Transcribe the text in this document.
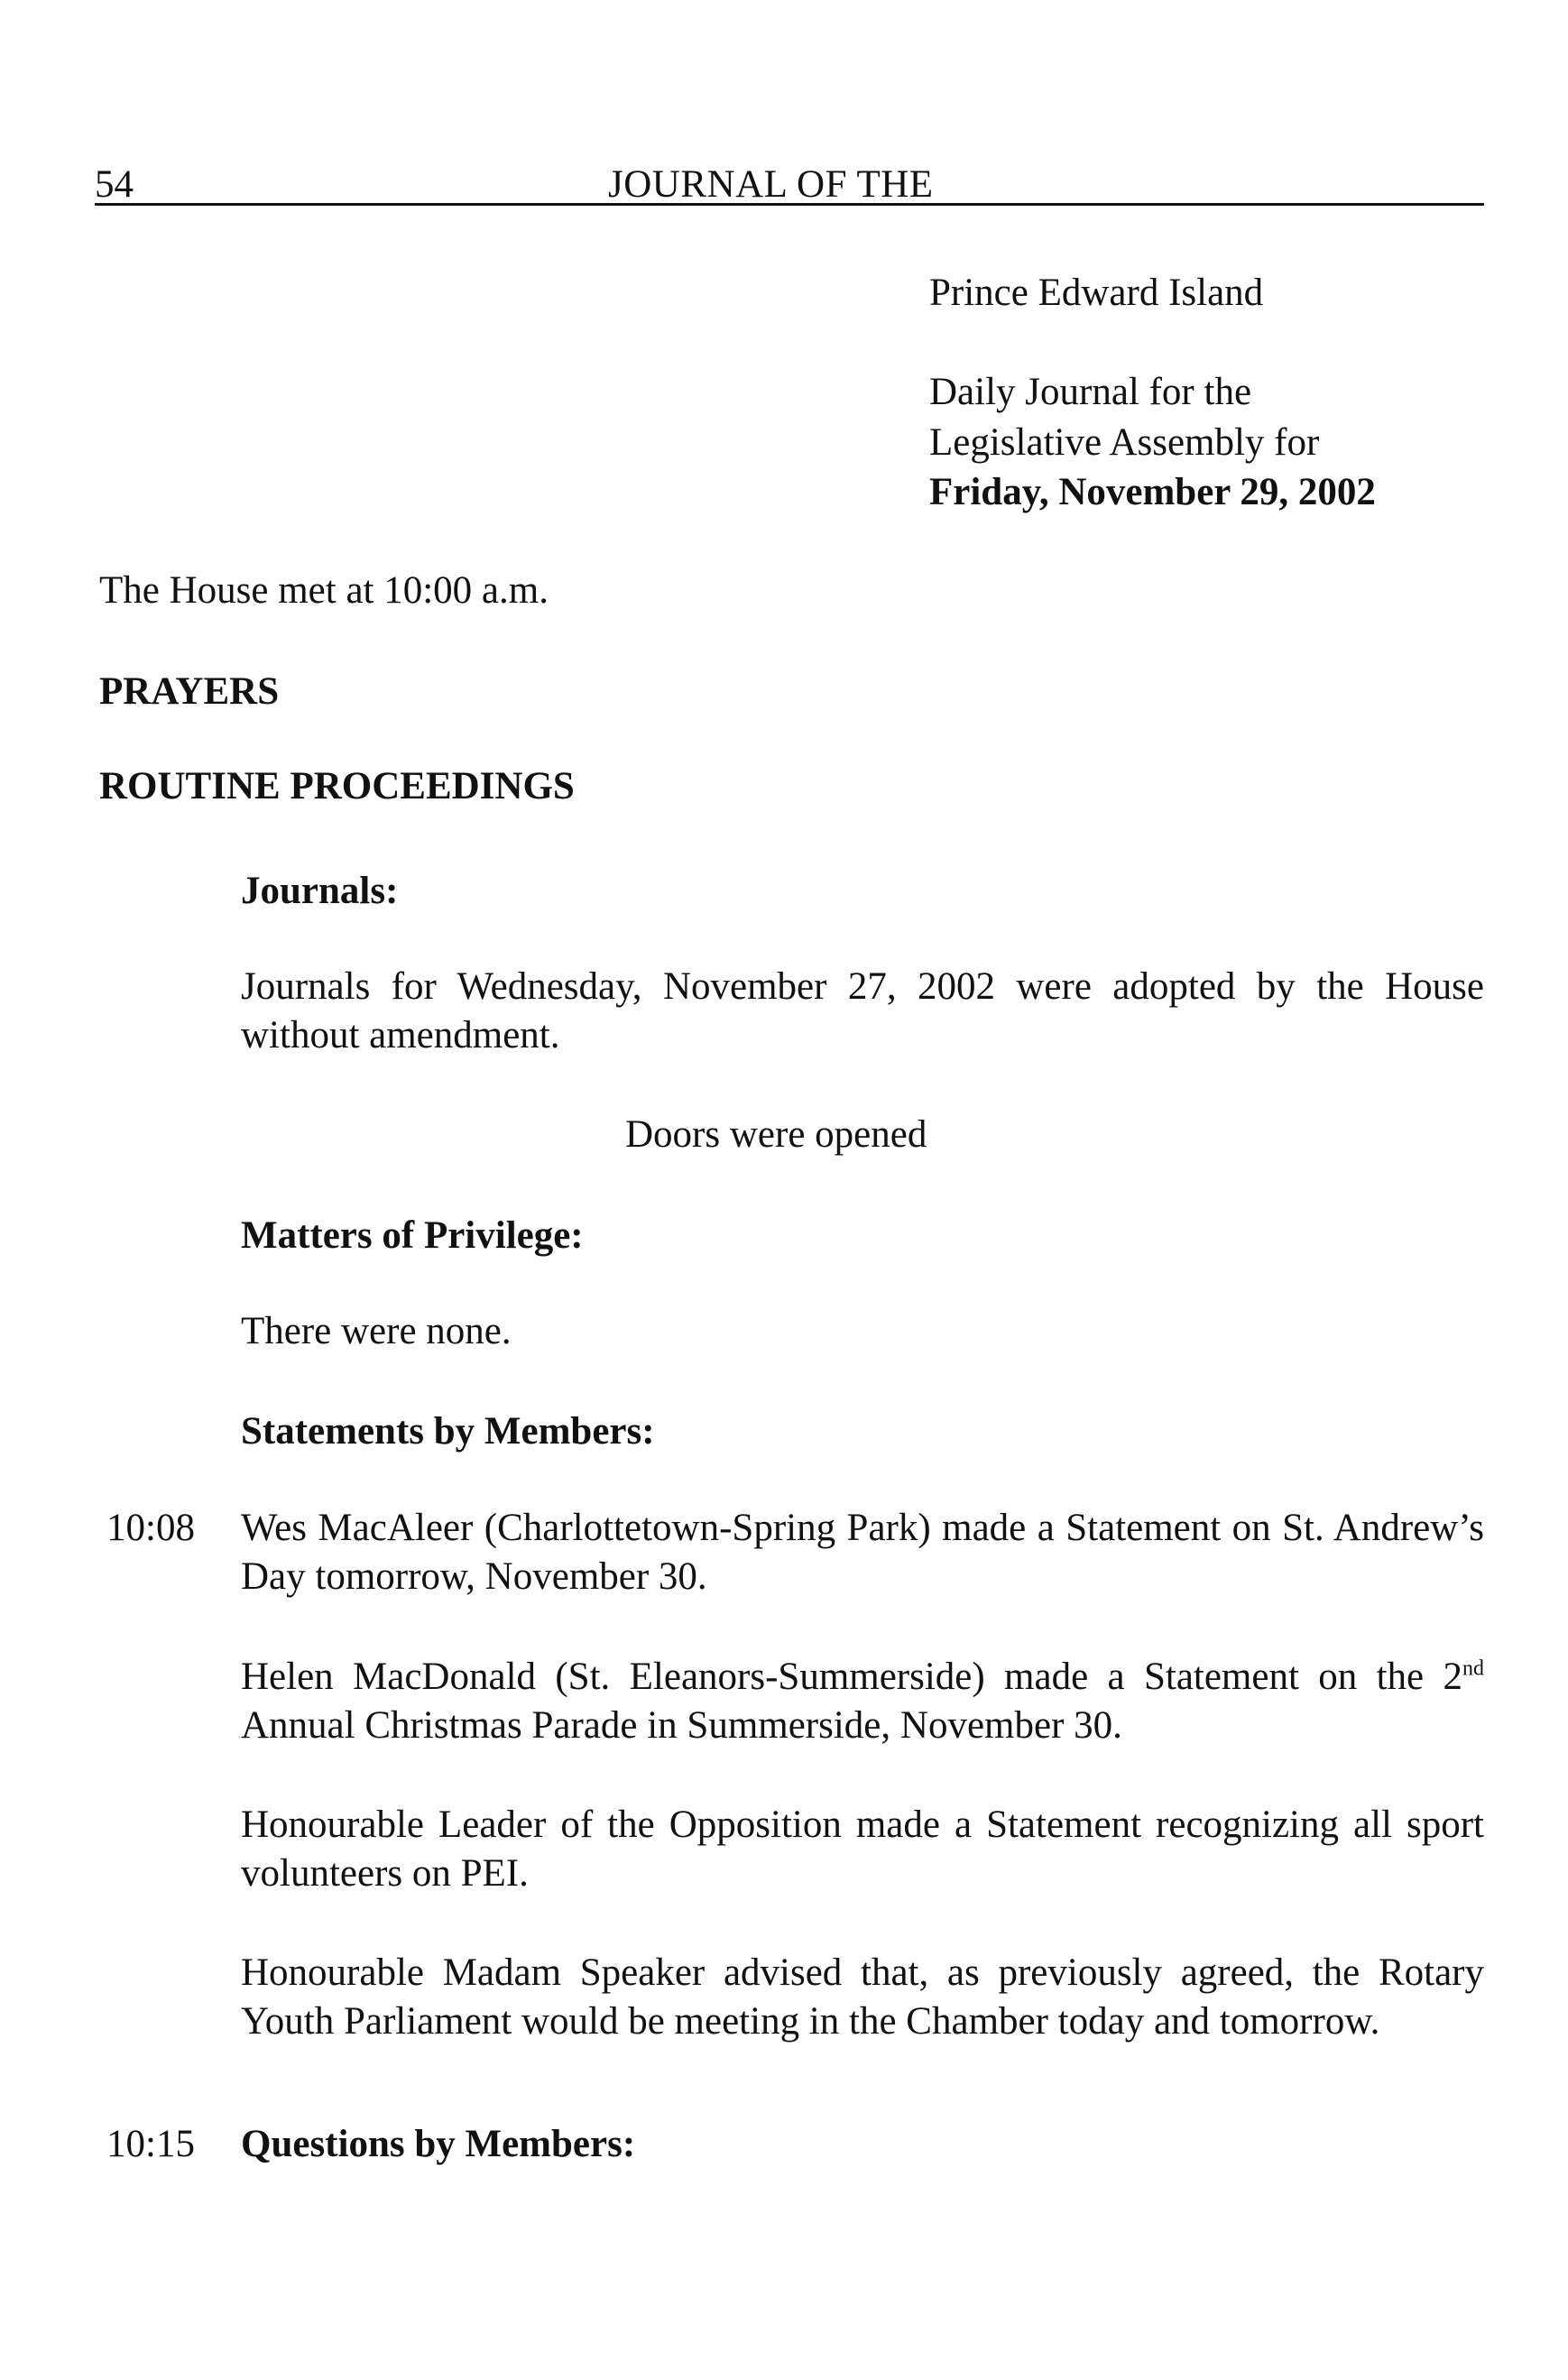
54	JOURNAL OF THE
Prince Edward Island
Daily Journal for the
Legislative Assembly for
Friday, November 29, 2002
The House met at 10:00 a.m.
PRAYERS
ROUTINE PROCEEDINGS
Journals:
Journals for Wednesday, November 27, 2002 were adopted by the House without amendment.
Doors were opened
Matters of Privilege:
There were none.
Statements by Members:
10:08 Wes MacAleer (Charlottetown-Spring Park) made a Statement on St. Andrew’s Day tomorrow, November 30.
Helen MacDonald (St. Eleanors-Summerside) made a Statement on the 2nd Annual Christmas Parade in Summerside, November 30.
Honourable Leader of the Opposition made a Statement recognizing all sport volunteers on PEI.
Honourable Madam Speaker advised that, as previously agreed, the Rotary Youth Parliament would be meeting in the Chamber today and tomorrow.
10:15 Questions by Members:
